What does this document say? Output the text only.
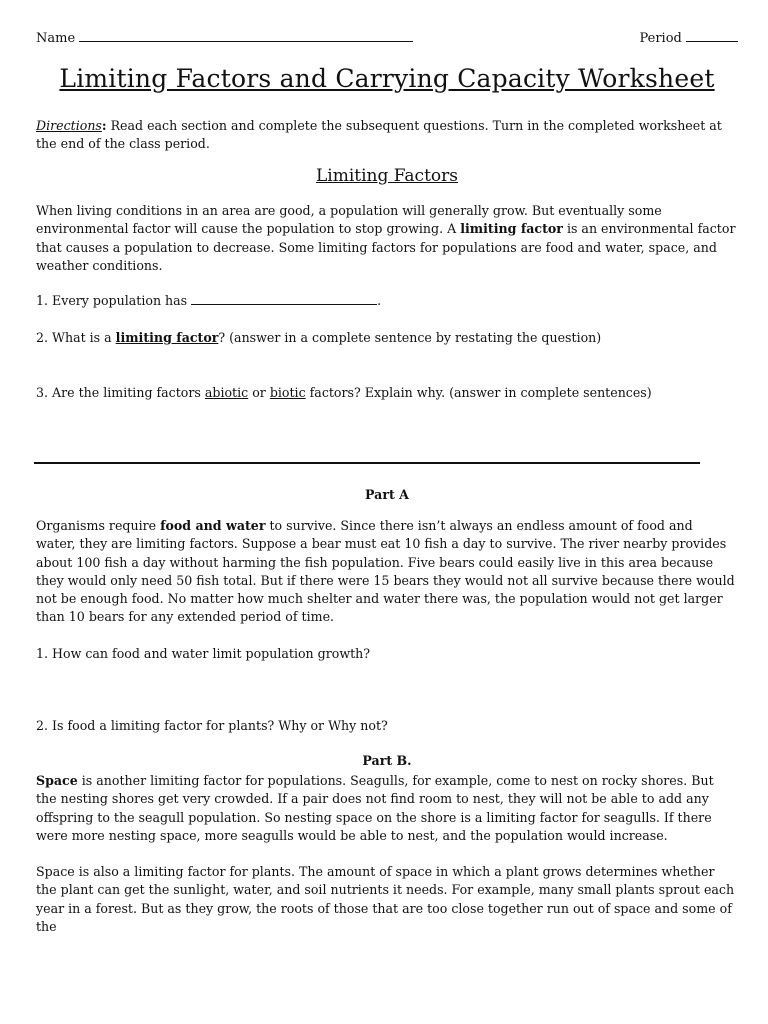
Name	Period
Limiting Factors and Carrying Capacity Worksheet
Directions: Read each section and complete the subsequent questions. Turn in the completed worksheet at the end of the class period.
Limiting Factors
When living conditions in an area are good, a population will generally grow. But eventually some environmental factor will cause the population to stop growing. A limiting factor is an environmental factor that causes a population to decrease. Some limiting factors for populations are food and water, space, and weather conditions.
1. Every population has	.
2. What is a limiting factor? (answer in a complete sentence by restating the question)
3. Are the limiting factors abiotic or biotic factors? Explain why. (answer in complete sentences)
Part A
Organisms require food and water to survive. Since there isn’t always an endless amount of food and water, they are limiting factors. Suppose a bear must eat 10 fish a day to survive. The river nearby provides about 100 fish a day without harming the fish population. Five bears could easily live in this area because they would only need 50 fish total. But if there were 15 bears they would not all survive because there would not be enough food. No matter how much shelter and water there was, the population would not get larger than 10 bears for any extended period of time.
1. How can food and water limit population growth?
2. Is food a limiting factor for plants? Why or Why not?
Part B.
Space is another limiting factor for populations. Seagulls, for example, come to nest on rocky shores. But the nesting shores get very crowded. If a pair does not find room to nest, they will not be able to add any offspring to the seagull population. So nesting space on the shore is a limiting factor for seagulls. If there were more nesting space, more seagulls would be able to nest, and the population would increase.
Space is also a limiting factor for plants. The amount of space in which a plant grows determines whether the plant can get the sunlight, water, and soil nutrients it needs. For example, many small plants sprout each year in a forest. But as they grow, the roots of those that are too close together run out of space and some of the
